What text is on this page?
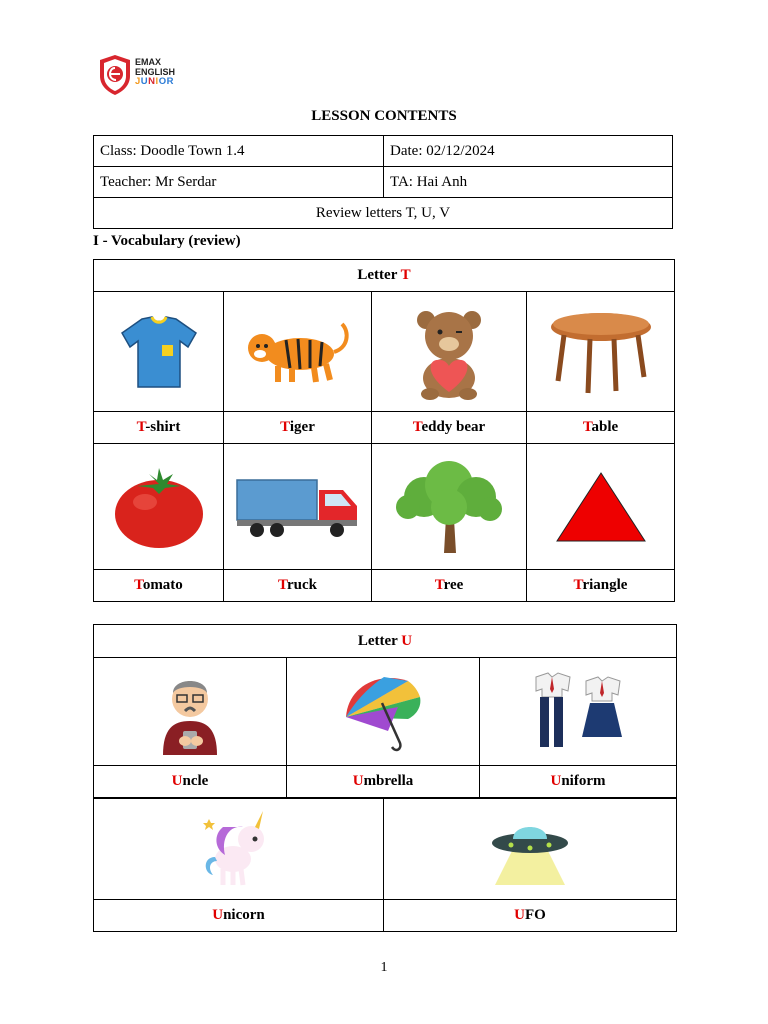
EMAX
ENGLISH
JUNIOR
LESSON CONTENTS
Class: Doodle Town 1.4	Date: 02/12/2024
Teacher: Mr Serdar	TA: Hai Anh
Review letters T, U, V	
I - Vocabulary (review)
Letter T			

T-shirt	Tiger	Teddy bear	Table

Tomato	Truck	Tree	Triangle
Letter U		

Uncle	Umbrella	Uniform

Unicorn	UFO
1
